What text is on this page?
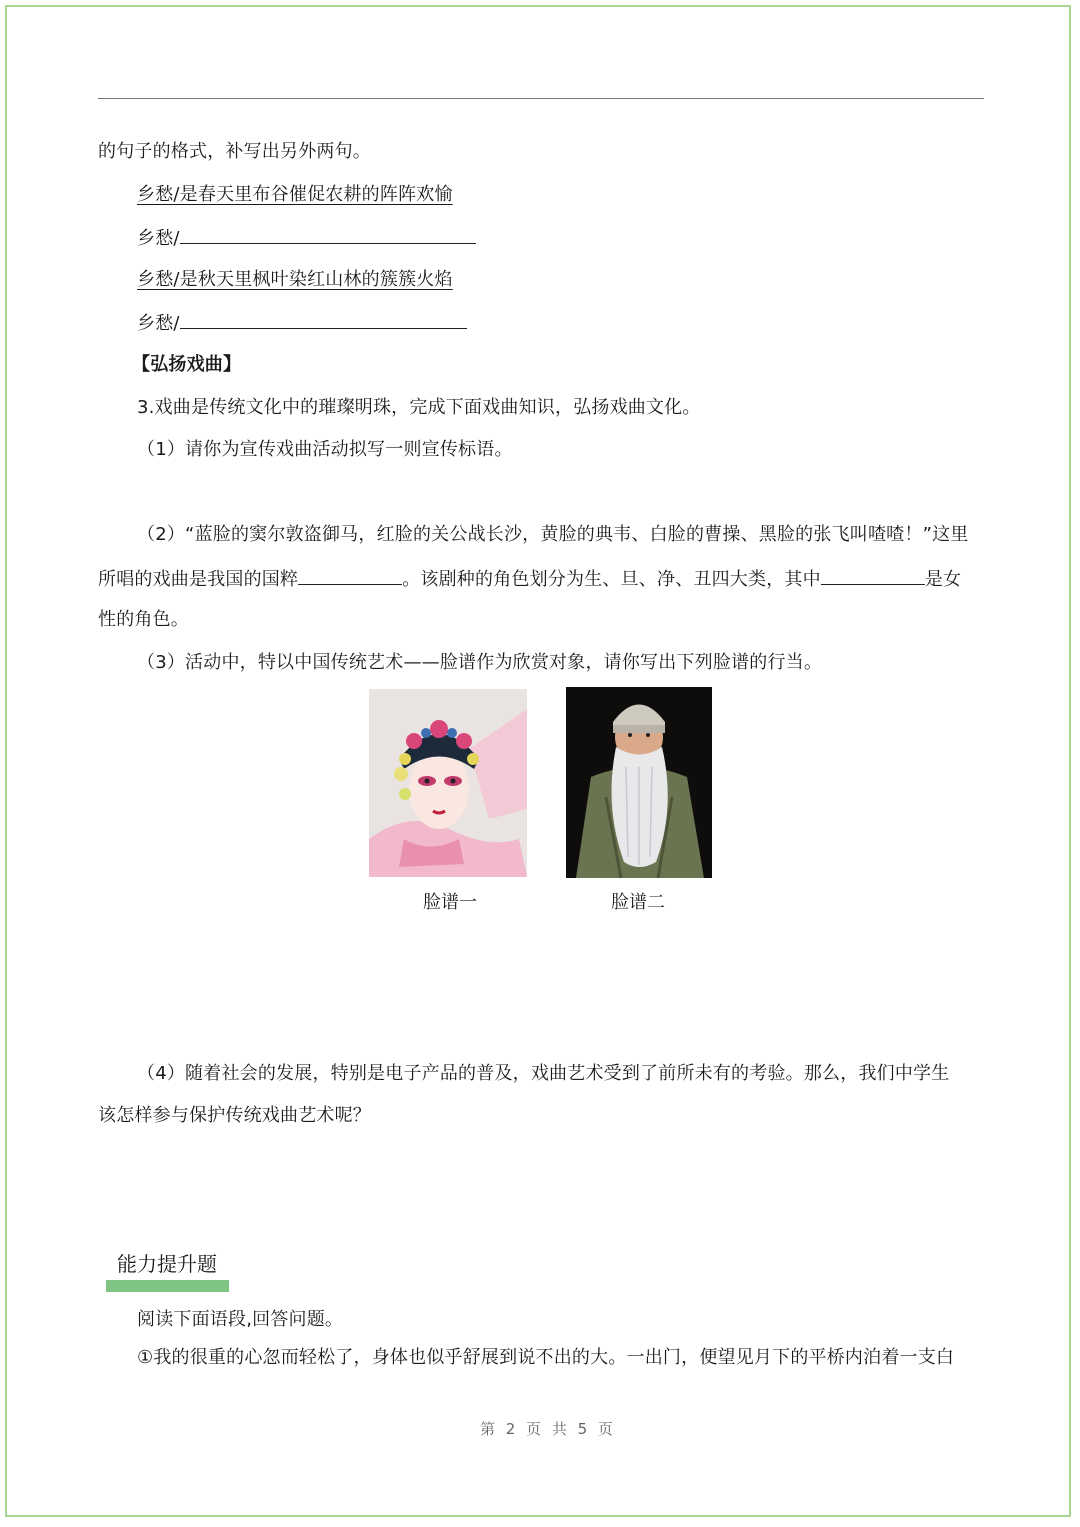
的句子的格式，补写出另外两句。
乡愁/是春天里布谷催促农耕的阵阵欢愉
乡愁/
乡愁/是秋天里枫叶染红山林的簇簇火焰
乡愁/
【弘扬戏曲】
3.戏曲是传统文化中的璀璨明珠，完成下面戏曲知识，弘扬戏曲文化。
（1）请你为宣传戏曲活动拟写一则宣传标语。
（2）“蓝脸的窦尔敦盗御马，红脸的关公战长沙，黄脸的典韦、白脸的曹操、黑脸的张飞叫喳喳！”这里
所唱的戏曲是我国的国粹	。该剧种的角色划分为生、旦、净、丑四大类，其中	是女
性的角色。
（3）活动中，特以中国传统艺术——脸谱作为欣赏对象，请你写出下列脸谱的行当。
脸谱一	脸谱二
（4）随着社会的发展，特别是电子产品的普及，戏曲艺术受到了前所未有的考验。那么，我们中学生
该怎样参与保护传统戏曲艺术呢？
能力提升题
阅读下面语段,回答问题。
①我的很重的心忽而轻松了，身体也似乎舒展到说不出的大。一出门，便望见月下的平桥内泊着一支白
第 2 页 共 5 页
